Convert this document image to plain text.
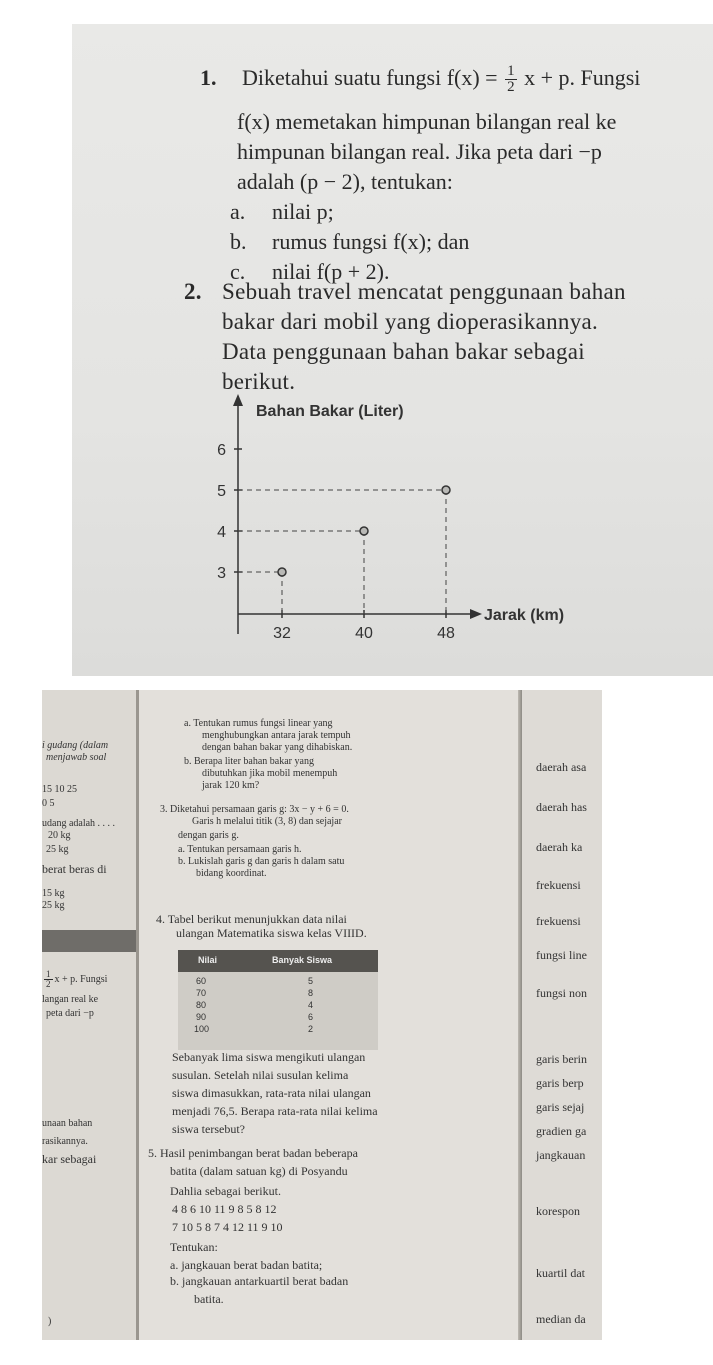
1. Diketahui suatu fungsi $f(x) = \frac{1}{2}$ x + p. Fungsi
f(x) memetakan himpunan bilangan real ke
himpunan bilangan real. Jika peta dari −p
adalah (p − 2), tentukan:
a. nilai p;
b. rumus fungsi f(x); dan
c. nilai f(p + 2).
2. Sebuah travel mencatat penggunaan bahan
bakar dari mobil yang dioperasikannya.
Data penggunaan bahan bakar sebagai
berikut.
Bahan Bakar (Liter)
Jarak (km)
3
4
5
6
32	40	48
i gudang (dalam
menjawab soal
15 10 25
0 5
udang adalah . . . .
20 kg
25 kg
berat beras di
15 kg
25 kg
$\frac{1}{2}$ x + p. Fungsi
langan real ke
peta dari −p
unaan bahan
rasikannya.
kar sebagai
)
a. Tentukan rumus fungsi linear yang
menghubungkan antara jarak tempuh
dengan bahan bakar yang dihabiskan.
b. Berapa liter bahan bakar yang
dibutuhkan jika mobil menempuh
jarak 120 km?
3. Diketahui persamaan garis g: 3x − y + 6 = 0.
Garis h melalui titik (3, 8) dan sejajar
dengan garis g.
a. Tentukan persamaan garis h.
b. Lukislah garis g dan garis h dalam satu
bidang koordinat.
4. Tabel berikut menunjukkan data nilai
ulangan Matematika siswa kelas VIIID.
Nilai	Banyak Siswa
60	5
70	8
80	4
90	6
100	2
Sebanyak lima siswa mengikuti ulangan
susulan. Setelah nilai susulan kelima
siswa dimasukkan, rata-rata nilai ulangan
menjadi 76,5. Berapa rata-rata nilai kelima
siswa tersebut?
5. Hasil penimbangan berat badan beberapa
batita (dalam satuan kg) di Posyandu
Dahlia sebagai berikut.
4 8 6 10 11 9 8 5 8 12
7 10 5 8 7 4 12 11 9 10
Tentukan:
a. jangkauan berat badan batita;
b. jangkauan antarkuartil berat badan
batita.
daerah asa
daerah has
daerah ka
frekuensi
frekuensi
fungsi line
fungsi non
garis berin
garis berp
garis sejaj
gradien ga
jangkauan
korespon
kuartil dat
median da
